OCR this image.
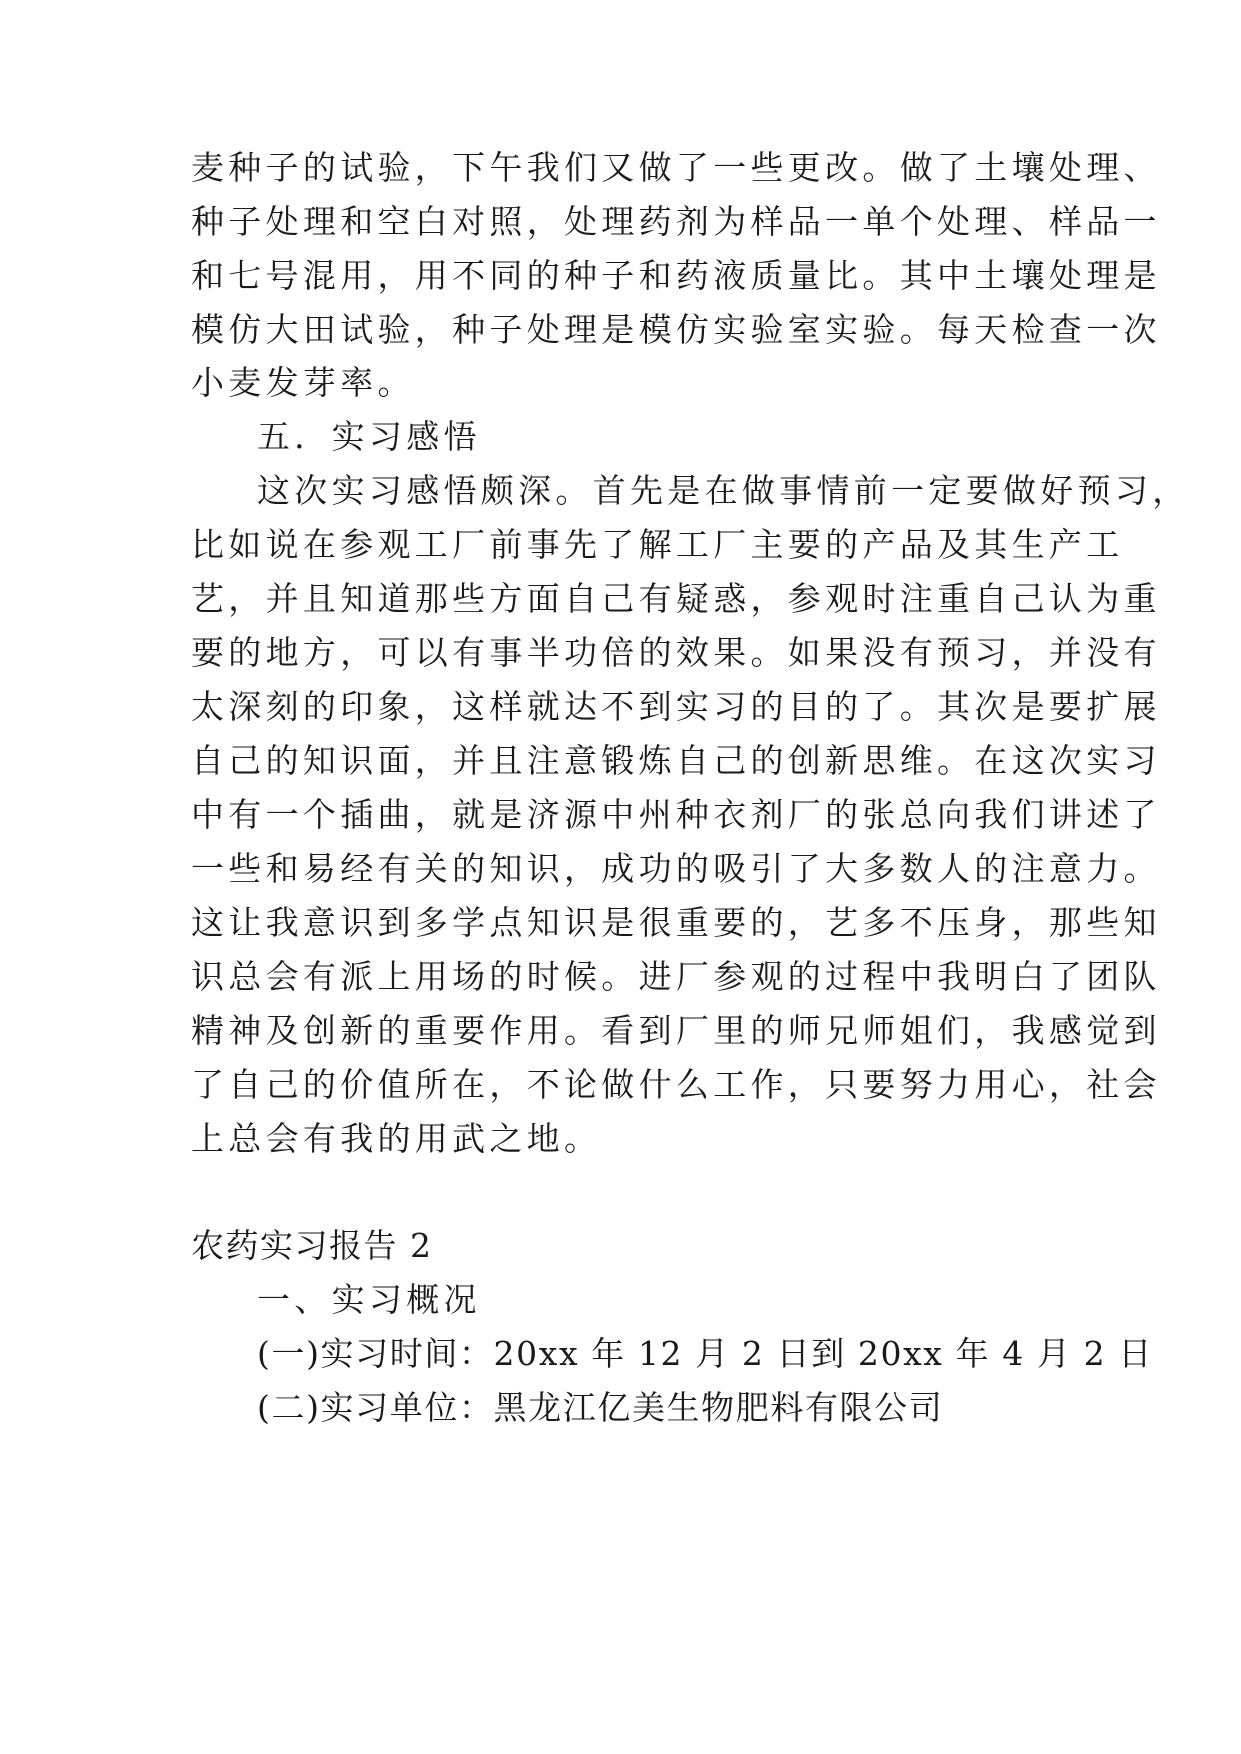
麦种子的试验，下午我们又做了一些更改。做了土壤处理、
种子处理和空白对照，处理药剂为样品一单个处理、样品一
和七号混用，用不同的种子和药液质量比。其中土壤处理是
模仿大田试验，种子处理是模仿实验室实验。每天检查一次
小麦发芽率。
五．实习感悟
这次实习感悟颇深。首先是在做事情前一定要做好预习，
比如说在参观工厂前事先了解工厂主要的产品及其生产工
艺，并且知道那些方面自己有疑惑，参观时注重自己认为重
要的地方，可以有事半功倍的效果。如果没有预习，并没有
太深刻的印象，这样就达不到实习的目的了。其次是要扩展
自己的知识面，并且注意锻炼自己的创新思维。在这次实习
中有一个插曲，就是济源中州种衣剂厂的张总向我们讲述了
一些和易经有关的知识，成功的吸引了大多数人的注意力。
这让我意识到多学点知识是很重要的，艺多不压身，那些知
识总会有派上用场的时候。进厂参观的过程中我明白了团队
精神及创新的重要作用。看到厂里的师兄师姐们，我感觉到
了自己的价值所在，不论做什么工作，只要努力用心，社会
上总会有我的用武之地。
农药实习报告 2
一、实习概况
(一)实习时间：20xx 年 12 月 2 日到 20xx 年 4 月 2 日
(二)实习单位：黑龙江亿美生物肥料有限公司
